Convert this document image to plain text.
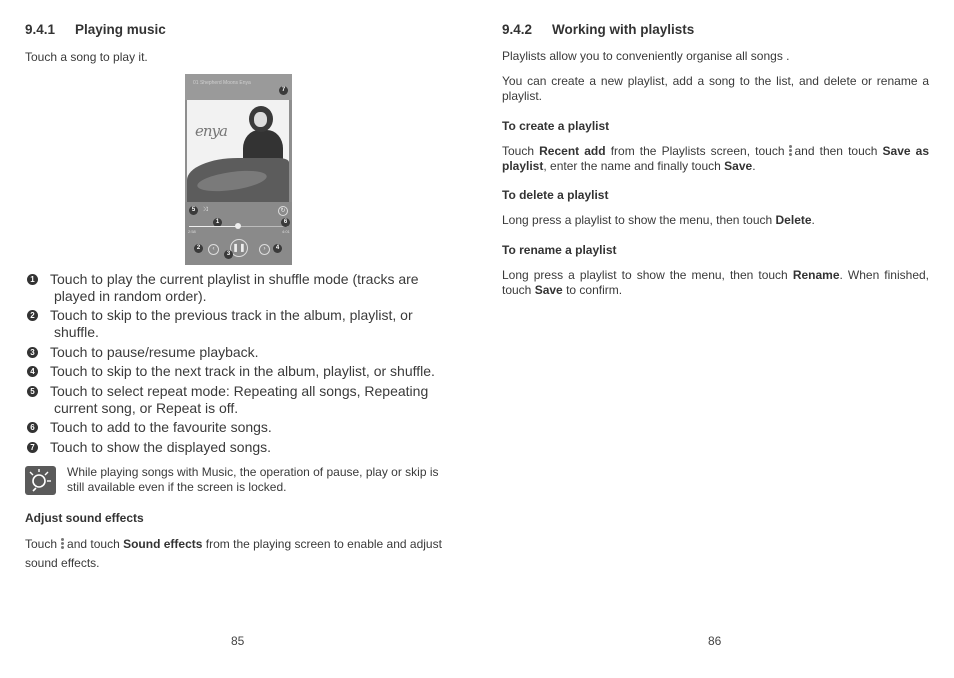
9.4.1 Playing music
Touch a song to play it.
01 Shepherd Moons Enya
7
enya
5	⤨
1
↻
2:58	4:01
2	‹	❚❚
3
›	4
6
1 Touch to play the current playlist in shuffle mode (tracks are
played in random order).
2 Touch to skip to the previous track in the album, playlist, or
shuffle.
3 Touch to pause/resume playback.
4 Touch to skip to the next track in the album, playlist, or shuffle.
5 Touch to select repeat mode: Repeating all songs, Repeating
current song, or Repeat is off.
6 Touch to add to the favourite songs.
7 Touch to show the displayed songs.
While playing songs with Music, the operation of pause, play or skip is still available even if the screen is locked.
Adjust sound effects
Touch and touch Sound effects from the playing screen to enable and adjust sound effects.
85
9.4.2 Working with playlists
Playlists allow you to conveniently organise all songs .
You can create a new playlist, add a song to the list, and delete or rename a playlist.
To create a playlist
Touch Recent add from the Playlists screen, touch and then touch Save as playlist, enter the name and finally touch Save.
To delete a playlist
Long press a playlist to show the menu, then touch Delete.
To rename a playlist
Long press a playlist to show the menu, then touch Rename. When finished, touch Save to confirm.
86
